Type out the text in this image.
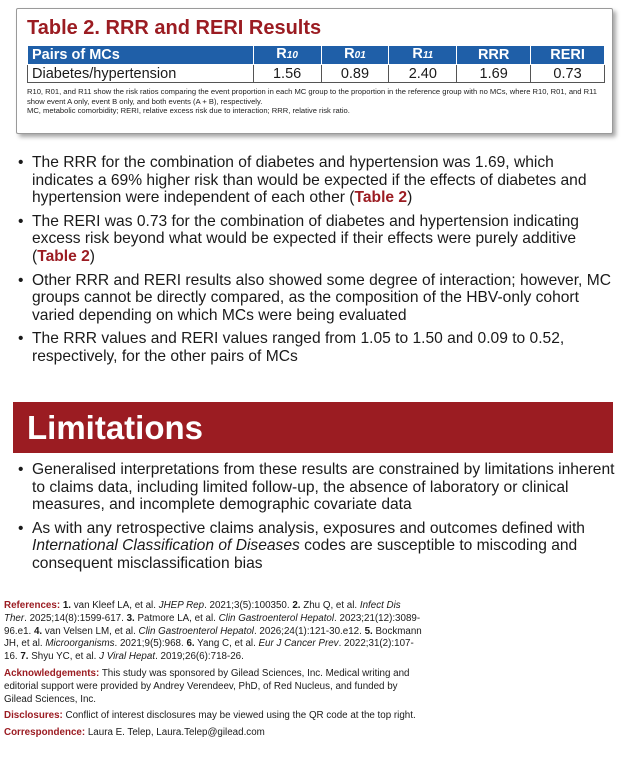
Table 2. RRR and RERI Results
Pairs of MCs	R10	R01	R11	RRR	RERI
Diabetes/hypertension	1.56	0.89	2.40	1.69	0.73
R10, R01, and R11 show the risk ratios comparing the event proportion in each MC group to the proportion in the reference group with no MCs, where R10, R01, and R11 show event A only, event B only, and both events (A + B), respectively.
MC, metabolic comorbidity; RERI, relative excess risk due to interaction; RRR, relative risk ratio.
• The RRR for the combination of diabetes and hypertension was 1.69, which indicates a 69% higher risk than would be expected if the effects of diabetes and hypertension were independent of each other (Table 2)
• The RERI was 0.73 for the combination of diabetes and hypertension indicating excess risk beyond what would be expected if their effects were purely additive (Table 2)
• Other RRR and RERI results also showed some degree of interaction; however, MC groups cannot be directly compared, as the composition of the HBV-only cohort varied depending on which MCs were being evaluated
• The RRR values and RERI values ranged from 1.05 to 1.50 and 0.09 to 0.52, respectively, for the other pairs of MCs
Limitations
• Generalised interpretations from these results are constrained by limitations inherent to claims data, including limited follow-up, the absence of laboratory or clinical measures, and incomplete demographic covariate data
• As with any retrospective claims analysis, exposures and outcomes defined with International Classification of Diseases codes are susceptible to miscoding and consequent misclassification bias

References: 1. van Kleef LA, et al. JHEP Rep. 2021;3(5):100350. 2. Zhu Q, et al. Infect Dis Ther. 2025;14(8):1599-617. 3. Patmore LA, et al. Clin Gastroenterol Hepatol. 2023;21(12):3089-96.e1. 4. van Velsen LM, et al. Clin Gastroenterol Hepatol. 2026;24(1):121-30.e12. 5. Bockmann JH, et al. Microorganisms. 2021;9(5):968. 6. Yang C, et al. Eur J Cancer Prev. 2022;31(2):107-16. 7. Shyu YC, et al. J Viral Hepat. 2019;26(6):718-26.

Acknowledgements: This study was sponsored by Gilead Sciences, Inc. Medical writing and editorial support were provided by Andrey Verendeev, PhD, of Red Nucleus, and funded by Gilead Sciences, Inc.

Disclosures: Conflict of interest disclosures may be viewed using the QR code at the top right.

Correspondence: Laura E. Telep, Laura.Telep@gilead.com
